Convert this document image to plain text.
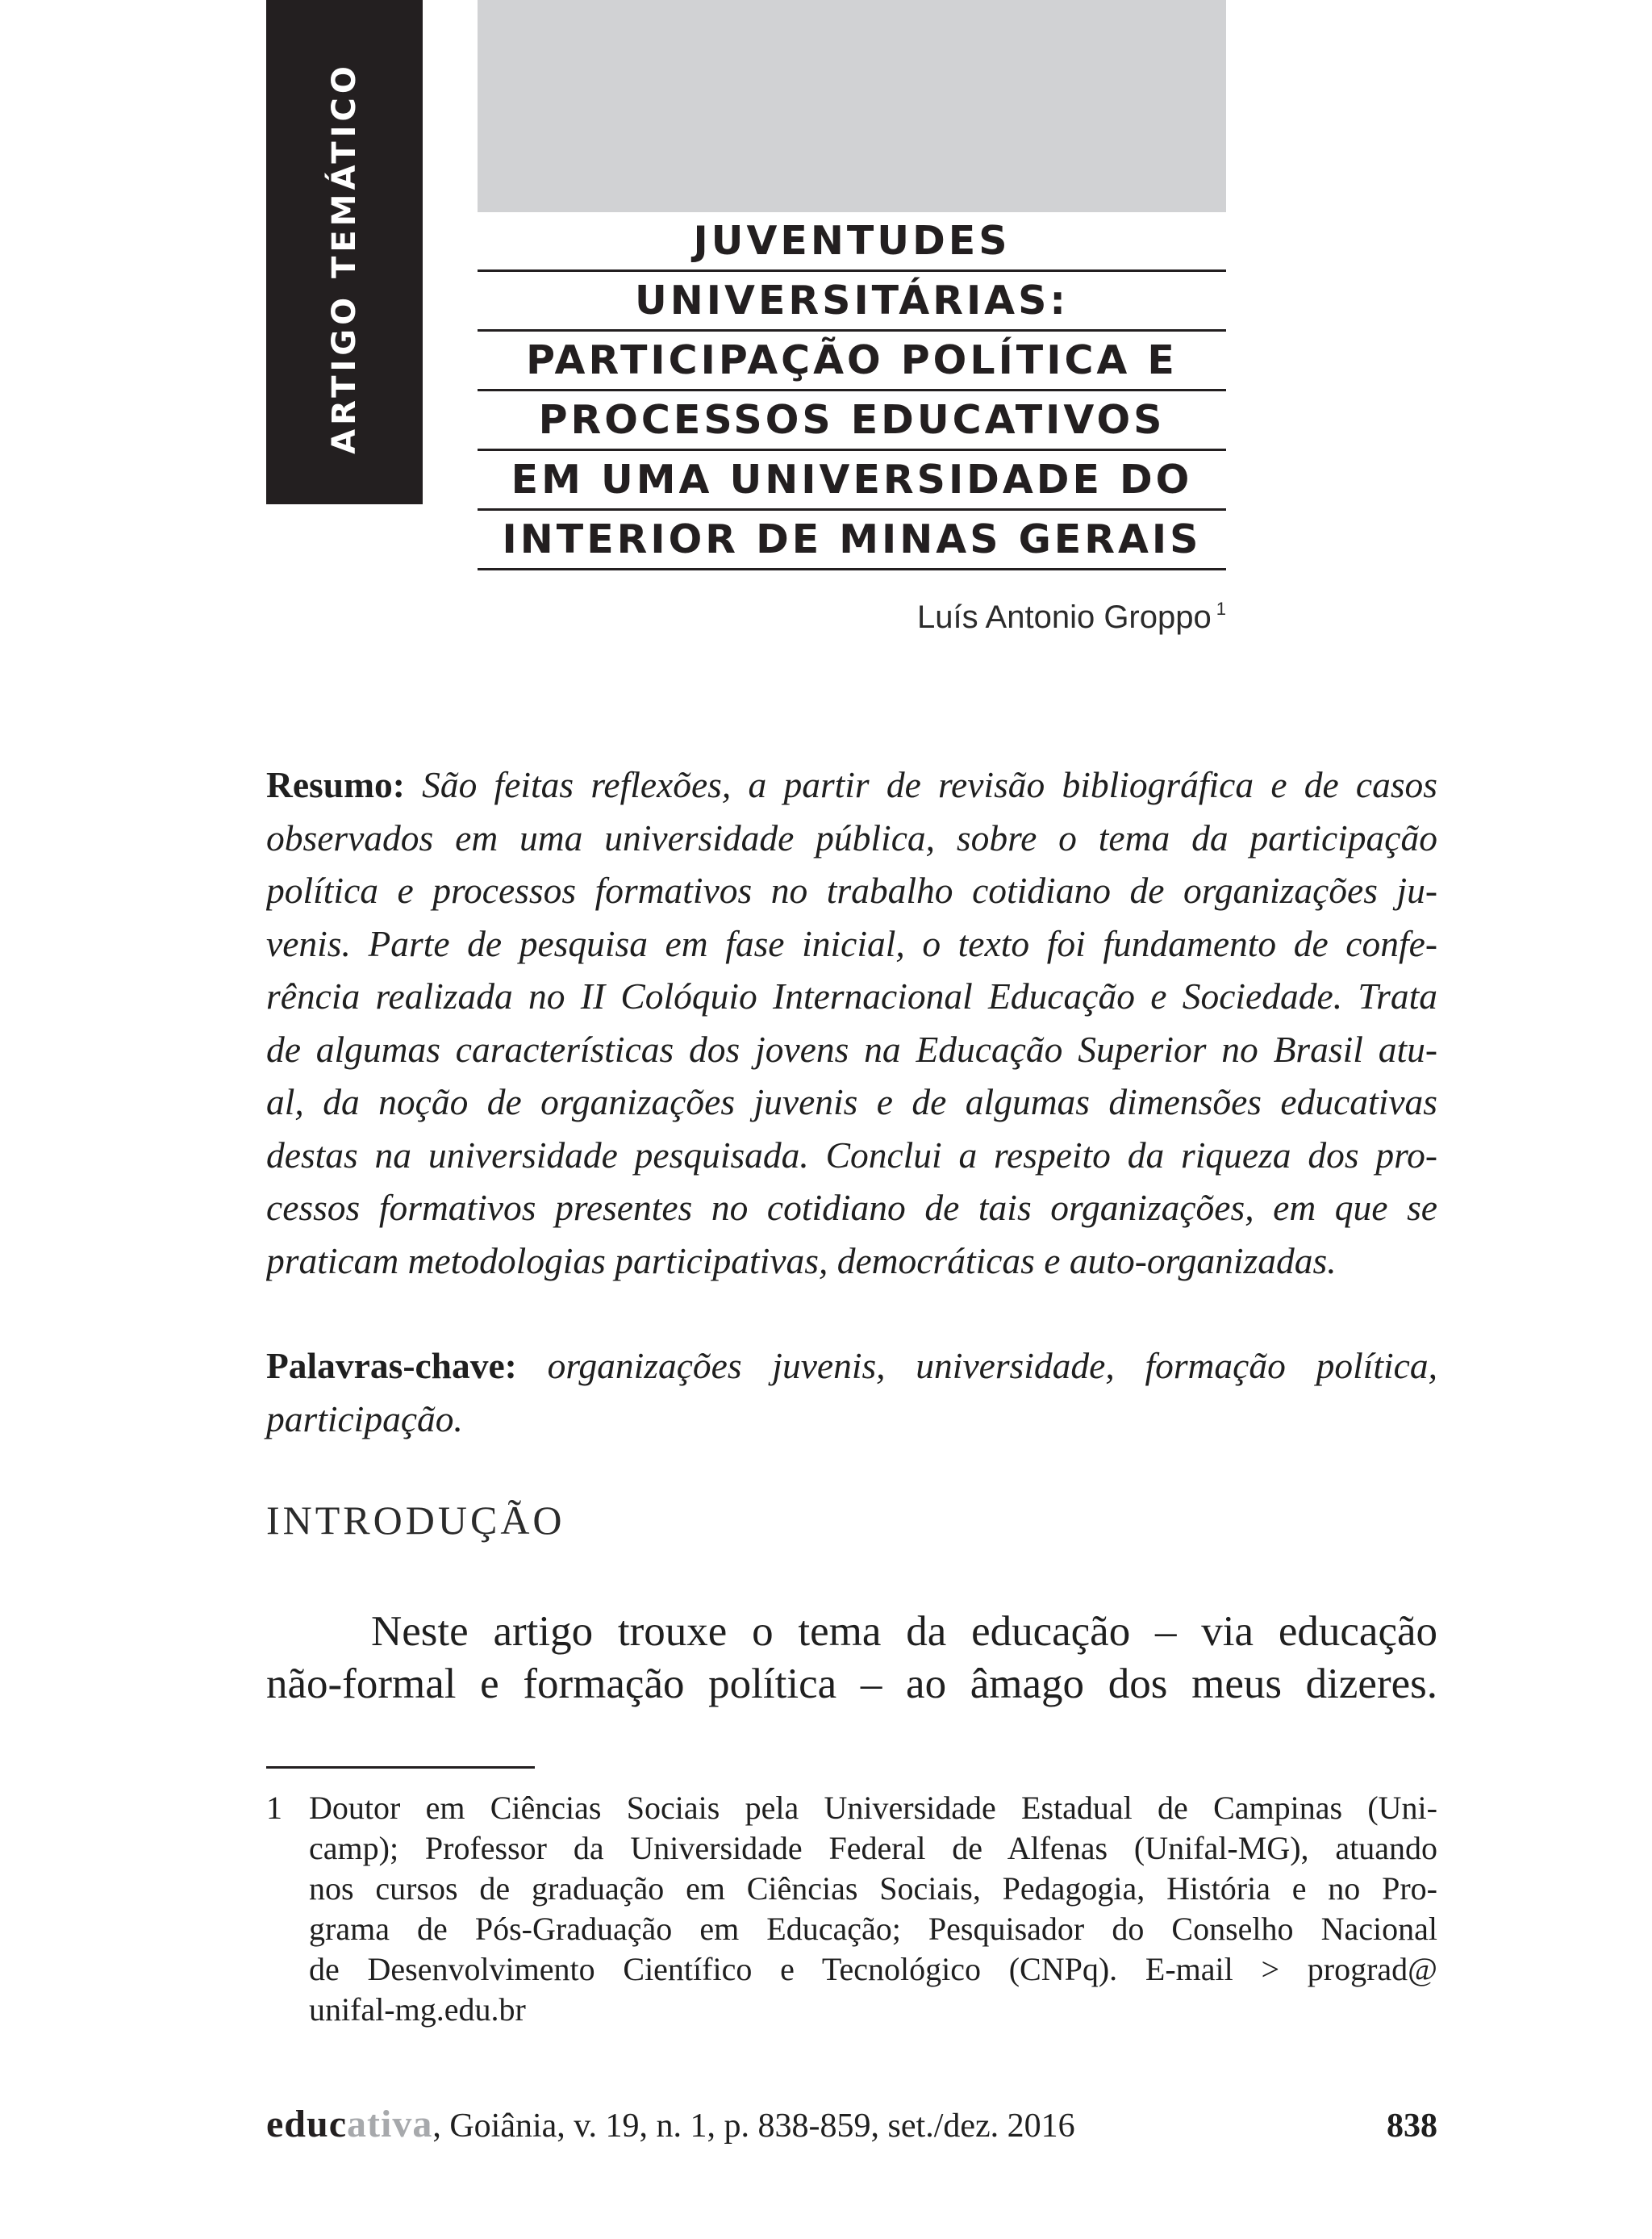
ARTIGO TEMÁTICO	JUVENTUDES
UNIVERSITÁRIAS:
PARTICIPAÇÃO POLÍTICA E
PROCESSOS EDUCATIVOS
EM UMA UNIVERSIDADE DO
INTERIOR DE MINAS GERAIS
Luís Antonio Groppo $^1$
Resumo: São feitas reflexões, a partir de revisão bibliográfica e de casos
observados em uma universidade pública, sobre o tema da participação
política e processos formativos no trabalho cotidiano de organizações ju-
venis. Parte de pesquisa em fase inicial, o texto foi fundamento de confe-
rência realizada no II Colóquio Internacional Educação e Sociedade. Trata
de algumas características dos jovens na Educação Superior no Brasil atu-
al, da noção de organizações juvenis e de algumas dimensões educativas
destas na universidade pesquisada. Conclui a respeito da riqueza dos pro-
cessos formativos presentes no cotidiano de tais organizações, em que se
praticam metodologias participativas, democráticas e auto-organizadas.
Palavras-chave: organizações juvenis, universidade, formação política,
participação.
INTRODUÇÃO
Neste artigo trouxe o tema da educação – via educação
não-formal e formação política – ao âmago dos meus dizeres.
1 Doutor em Ciências Sociais pela Universidade Estadual de Campinas (Uni-
camp); Professor da Universidade Federal de Alfenas (Unifal-MG), atuando
nos cursos de graduação em Ciências Sociais, Pedagogia, História e no Pro-
grama de Pós-Graduação em Educação; Pesquisador do Conselho Nacional
de Desenvolvimento Científico e Tecnológico (CNPq). E-mail > prograd@
unifal-mg.edu.br
educativa, Goiânia, v. 19, n. 1, p. 838-859, set./dez. 2016	838
